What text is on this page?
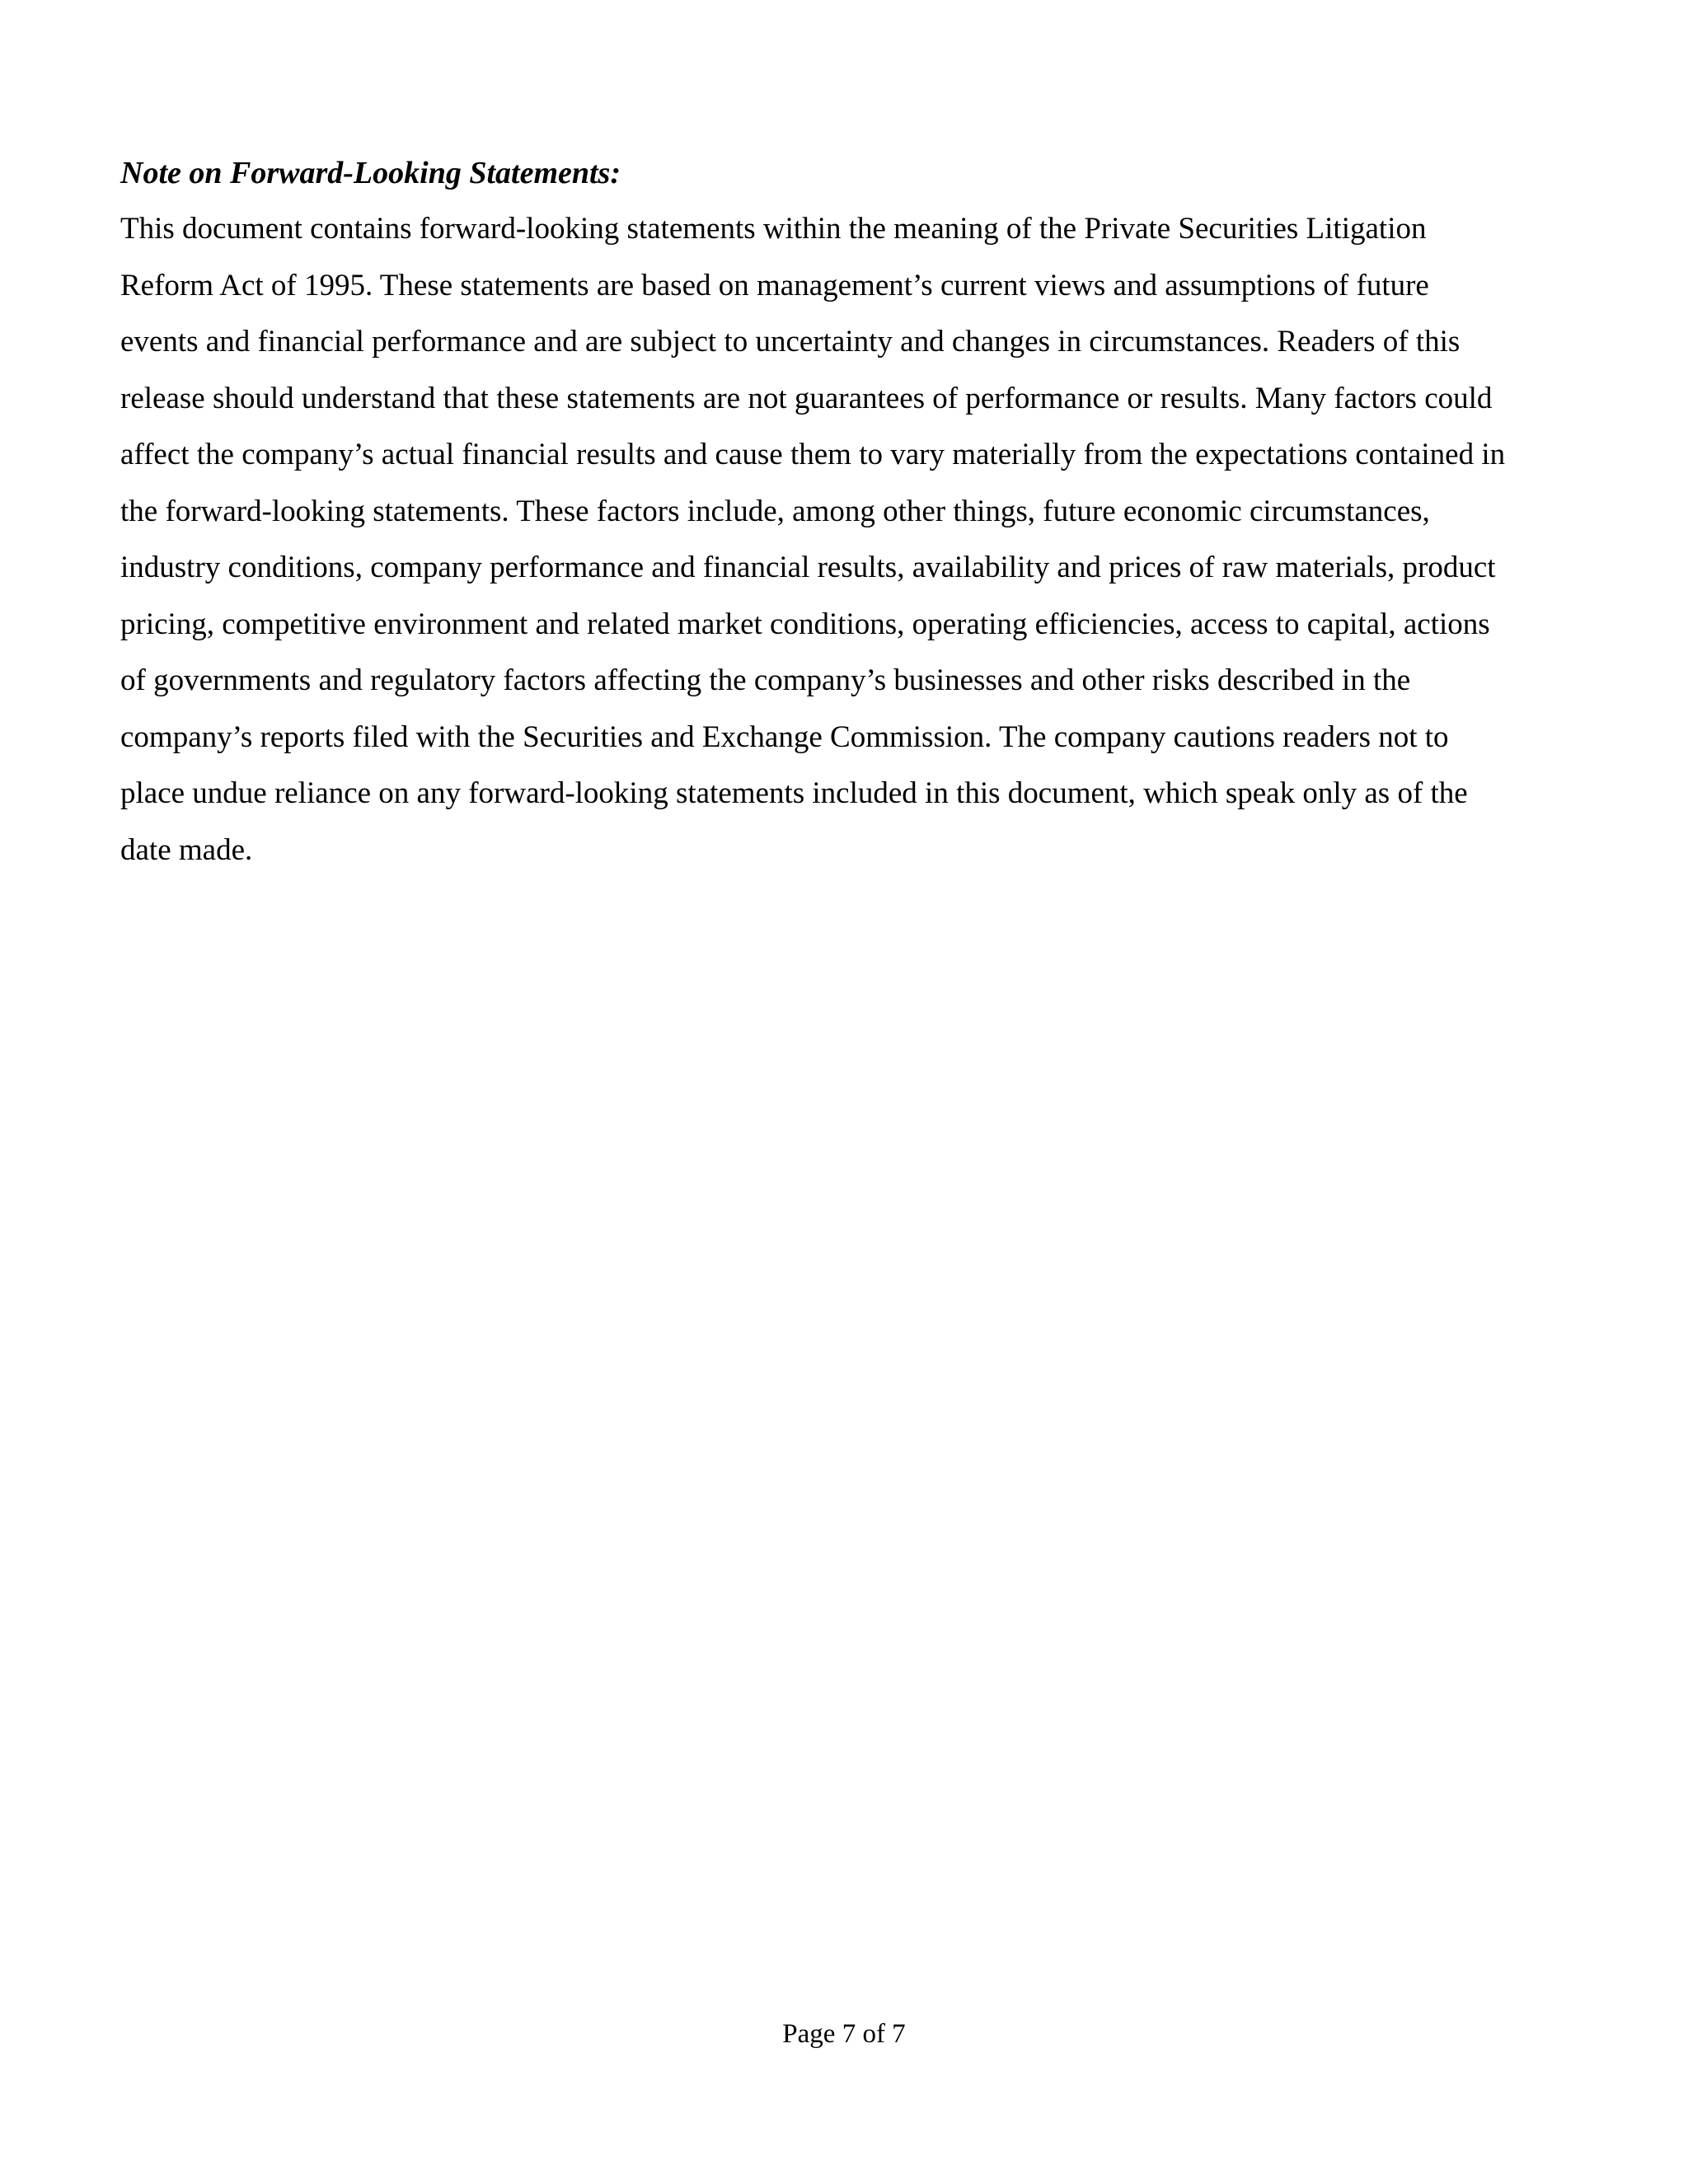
Note on Forward-Looking Statements:

This document contains forward-looking statements within the meaning of the Private Securities Litigation

Reform Act of 1995. These statements are based on management’s current views and assumptions of future

events and financial performance and are subject to uncertainty and changes in circumstances. Readers of this

release should understand that these statements are not guarantees of performance or results. Many factors could

affect the company’s actual financial results and cause them to vary materially from the expectations contained in

the forward-looking statements. These factors include, among other things, future economic circumstances,

industry conditions, company performance and financial results, availability and prices of raw materials, product

pricing, competitive environment and related market conditions, operating efficiencies, access to capital, actions

of governments and regulatory factors affecting the company’s businesses and other risks described in the

company’s reports filed with the Securities and Exchange Commission. The company cautions readers not to

place undue reliance on any forward-looking statements included in this document, which speak only as of the

date made.

Page 7 of 7
